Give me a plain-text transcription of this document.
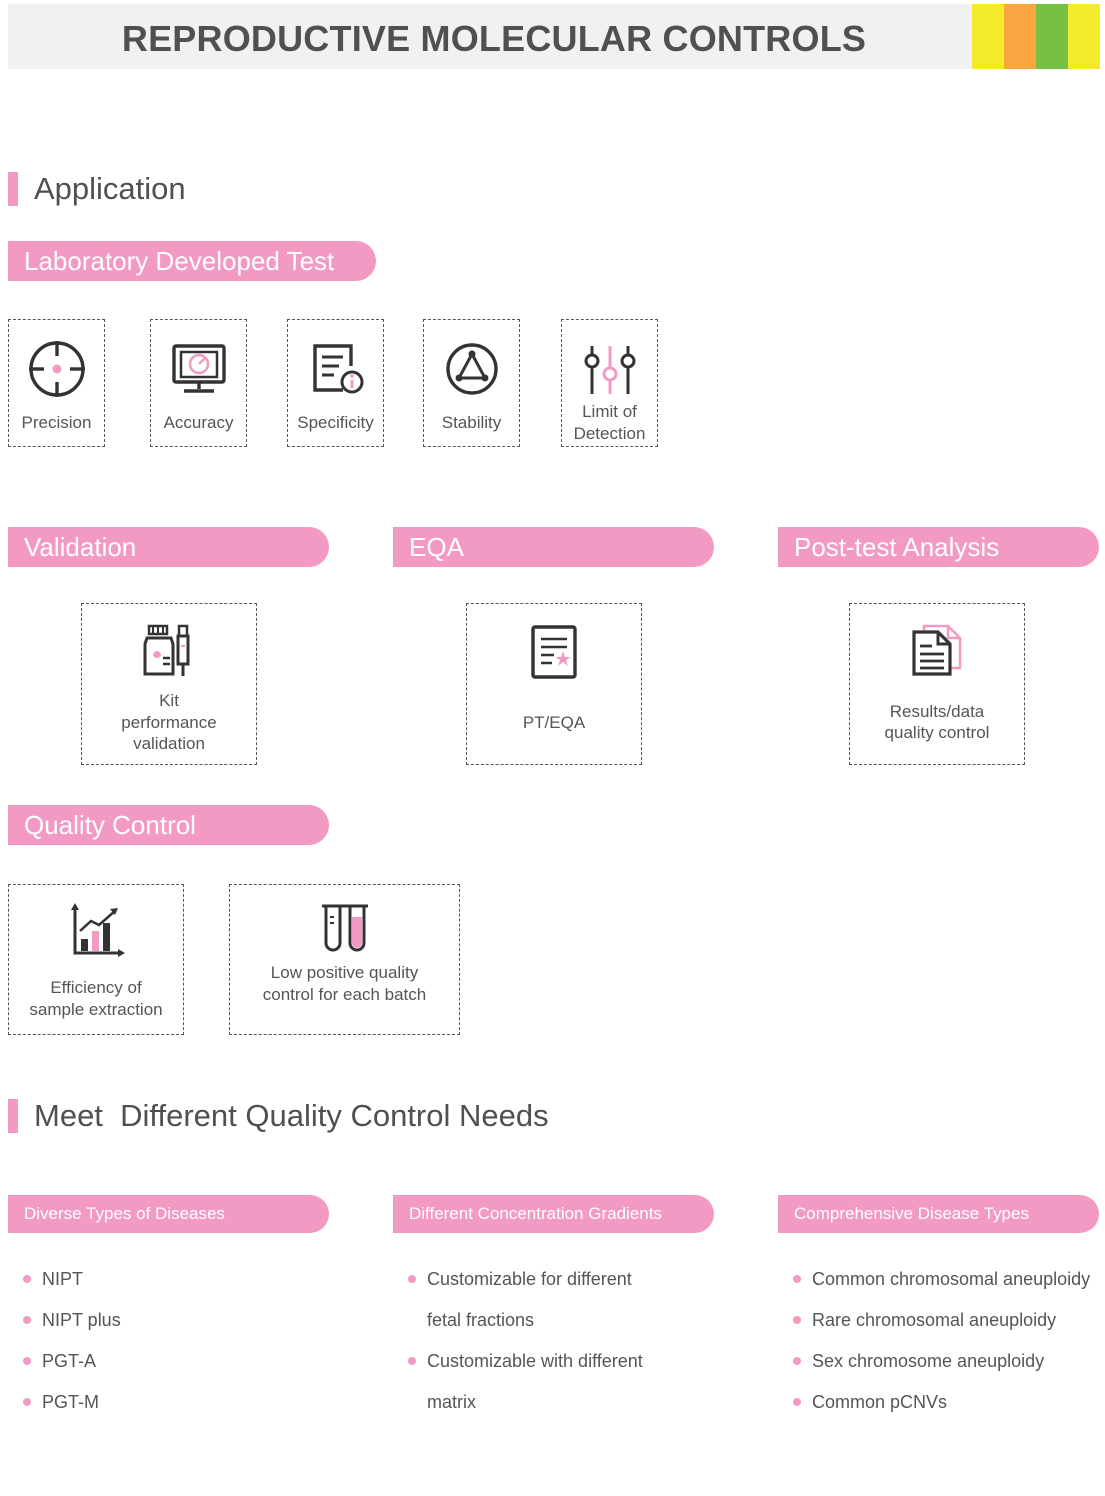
REPRODUCTIVE MOLECULAR CONTROLS
Application
Laboratory Developed Test
Precision	Accuracy	Specificity	Stability
Limit of
Detection
Validation	EQA	Post-test Analysis
Kit
performance
validation
PT/EQA
Results/data
quality control
Quality Control
Efficiency of
sample extraction
Low positive quality
control for each batch
Meet  Different Quality Control Needs
Diverse Types of Diseases	Different Concentration Gradients	Comprehensive Disease Types
NIPT
NIPT plus
PGT-A
PGT-M
Customizable for different
fetal fractions
Customizable with different
matrix
Common chromosomal aneuploidy
Rare chromosomal aneuploidy
Sex chromosome aneuploidy
Common pCNVs
